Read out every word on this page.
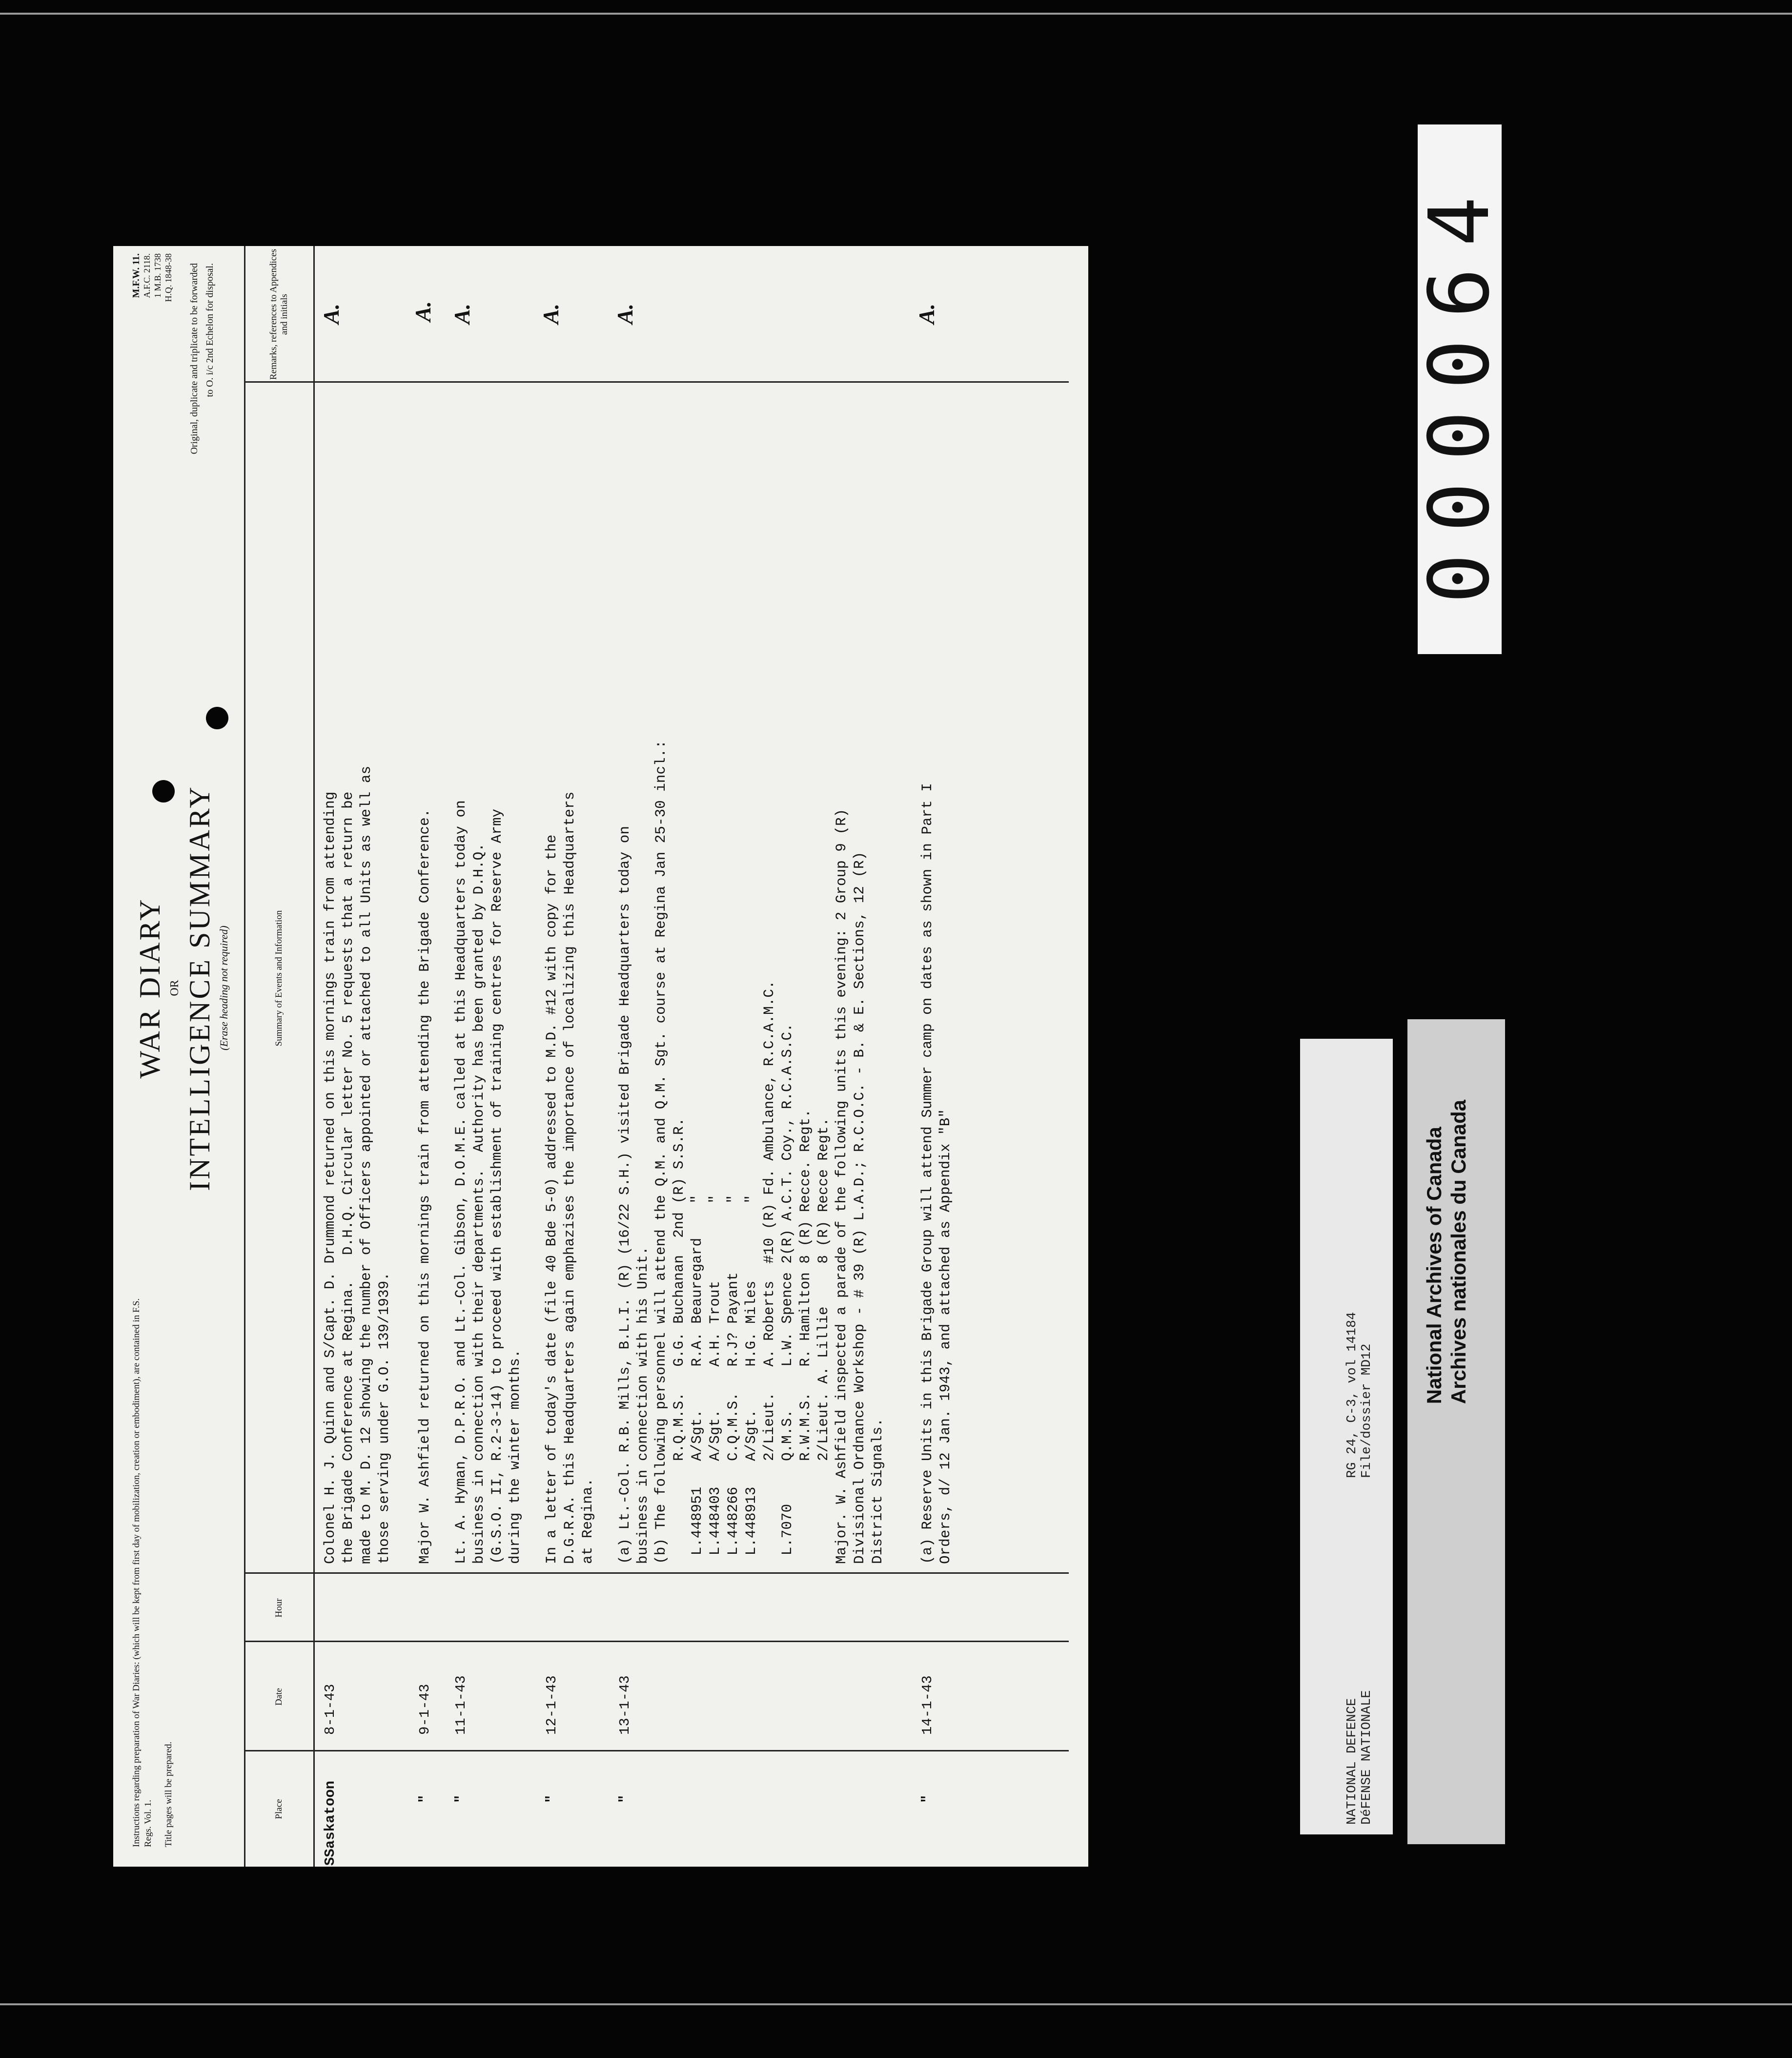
Instructions regarding preparation of War Diaries: (which will be kept from first day of mobilization, creation or embodiment), are contained in F.S. Regs. Vol. 1. Title pages will be prepared.
WAR DIARY OR INTELLIGENCE SUMMARY (Erase heading not required)
M.F.W. 11. A.F.C. 2118. 1 M.B. 1738 H.Q. 1848-38 Original, duplicate and triplicate to be forwarded to O. i/c 2nd Echelon for disposal.
Place
Date
Hour
Summary of Events and Information
Remarks, references to Appendices and initials
SSaskatoon
8-1-43
Colonel H. J. Quinn and S/Capt. D. Drummond returned on this mornings train from attending
the Brigade Conference at Regina.   D.H.Q. Circular letter No. 5 requests that a return be
made to M. D. 12 showing the number of Officers appointed or attached to all Units as well as
those serving under G.O. 139/1939.
A.
"
9-1-43
Major W. Ashfield returned on this mornings train from attending the Brigade Conference.
A.
"
11-1-43
Lt. A. Hyman, D.P.R.O. and Lt.-Col. Gibson, D.O.M.E. called at this Headquarters today on
business in connection with their departments.  Authority has been granted by D.H.Q.
(G.S.O. II, R.2-3-14) to proceed with establishment of training centres for Reserve Army
during the winter months.
A.
"
12-1-43
In a letter of today's date (file 40 Bde 5-0) addressed to M.D. #12 with copy for the
D.G.R.A. this Headquarters again emphazises the importance of localizing this Headquarters
at Regina.
A.
"
13-1-43
(a) Lt.-Col. R.B. Mills, B.L.I. (R) (16/22 S.H.) visited Brigade Headquarters today on
business in connection with his Unit.
(b) The following personnel will attend the Q.M. and Q.M. Sgt. course at Regina Jan 25-30 incl.:
R.Q.M.S.   G.G. Buchanan  2nd (R) S.S.R.
L.448951   A/Sgt.     R.A. Beauregard    "
L.448403   A/Sgt.     A.H. Trout         "
L.448266   C.Q.M.S.   R.J? Payant        "
L.448913   A/Sgt.     H.G. Miles         "
2/Lieut.   A. Roberts  #10 (R) Fd. Ambulance, R.C.A.M.C.
L.7070     Q.M.S.     L.W. Spence 2(R) A.C.T. Coy., R.C.A.S.C.
R.W.M.S.   R. Hamilton 8 (R) Recce. Regt.
2/Lieut. A. Lillie     8 (R) Recce Regt.
Major. W. Ashfield inspected a parade of the following units this evening: 2 Group 9 (R)
Divisional Ordnance Workshop - # 39 (R) L.A.D.; R.C.O.C. - B. & E. Sections, 12 (R)
District Signals.
A.
"
14-1-43
(a) Reserve Units in this Brigade Group will attend Summer camp on dates as shown in Part I
Orders, d/ 12 Jan. 1943, and attached as Appendix "B"
A.
NATIONAL DEFENCE DéFENSE NATIONALE
RG 24, C-3, vol 14184 File/dossier MD12
National Archives of Canada Archives nationales du Canada
000064
